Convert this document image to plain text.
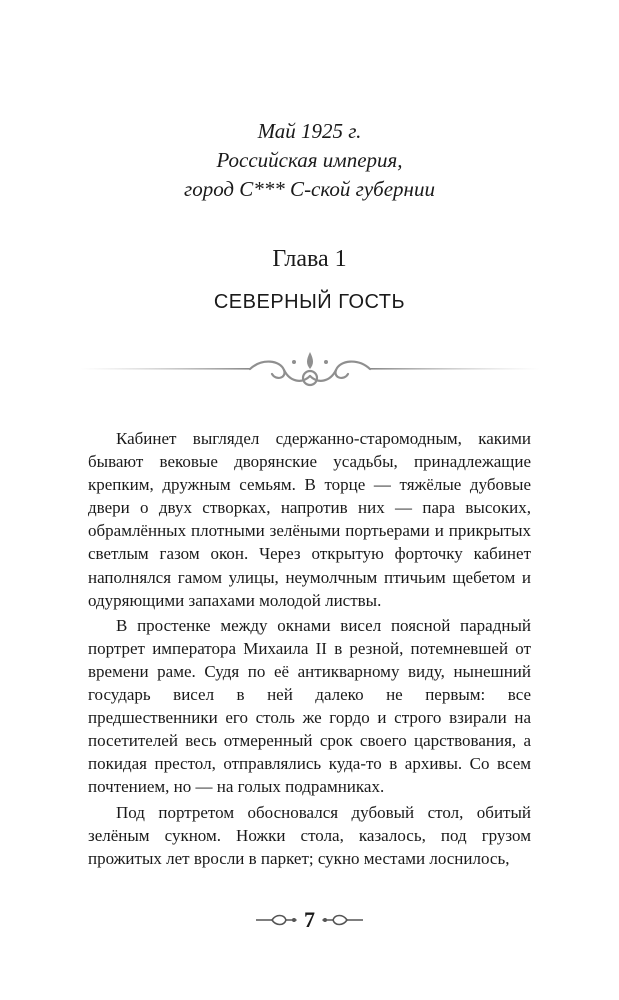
Май 1925 г.
Российская империя,
город С*** С-ской губернии
Глава 1
СЕВЕРНЫЙ ГОСТЬ

Кабинет выглядел сдержанно-старомодным, какими бывают вековые дворянские усадьбы, принадлежащие крепким, дружным семьям. В торце — тяжёлые дубовые двери о двух створках, напротив них — пара высоких, обрамлённых плотными зелёными портьерами и прикрытых светлым газом окон. Через открытую форточку кабинет наполнялся гамом улицы, неумолчным птичьим щебетом и одуряющими запахами молодой листвы.

В простенке между окнами висел поясной парадный портрет императора Михаила II в резной, потемневшей от времени раме. Судя по её антикварному виду, нынешний государь висел в ней далеко не первым: все предшественники его столь же гордо и строго взирали на посетителей весь отмеренный срок своего царствования, а покидая престол, отправлялись куда-то в архивы. Со всем почтением, но — на голых подрамниках.

Под портретом обосновался дубовый стол, обитый зелёным сукном. Ножки стола, казалось, под грузом прожитых лет вросли в паркет; сукно местами лоснилось,

7
